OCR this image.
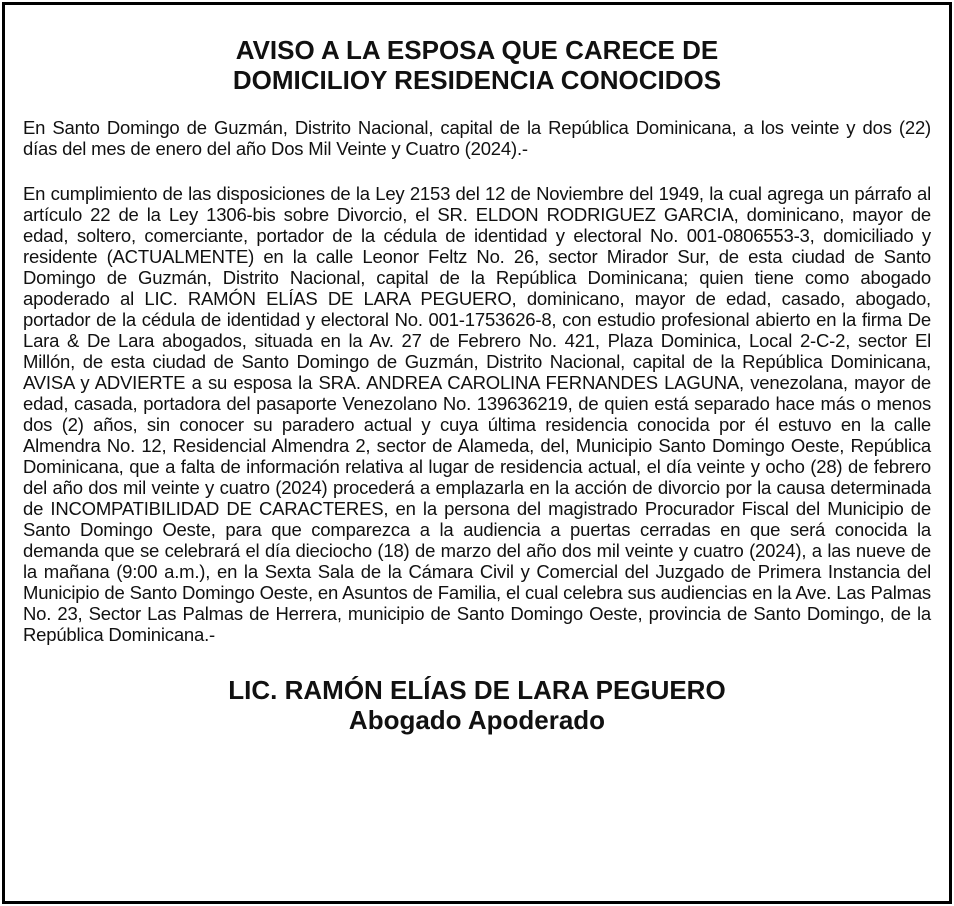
AVISO A LA ESPOSA QUE CARECE DE
DOMICILIOY RESIDENCIA CONOCIDOS

En Santo Domingo de Guzmán, Distrito Nacional, capital de la República Dominicana, a los veinte y dos (22) días del mes de enero del año Dos Mil Veinte y Cuatro (2024).-

En cumplimiento de las disposiciones de la Ley 2153 del 12 de Noviembre del 1949, la cual agrega un párrafo al artículo 22 de la Ley 1306-bis sobre Divorcio, el SR. ELDON RODRIGUEZ GARCIA, dominicano, mayor de edad, soltero, comerciante, portador de la cédula de identidad y electoral No. 001-0806553-3, domiciliado y residente (ACTUALMENTE) en la calle Leonor Feltz No. 26, sector Mirador Sur, de esta ciudad de Santo Domingo de Guzmán, Distrito Nacional, capital de la República Dominicana; quien tiene como abogado apoderado al LIC. RAMÓN ELÍAS DE LARA PEGUERO, dominicano, mayor de edad, casado, abogado, portador de la cédula de identidad y electoral No. 001-1753626-8, con estudio profesional abierto en la firma De Lara & De Lara abogados, situada en la Av. 27 de Febrero No. 421, Plaza Dominica, Local 2-C-2, sector El Millón, de esta ciudad de Santo Domingo de Guzmán, Distrito Nacional, capital de la República Dominicana, AVISA y ADVIERTE a su esposa la SRA. ANDREA CAROLINA FERNANDES LAGUNA, venezolana, mayor de edad, casada, portadora del pasaporte Venezolano No. 139636219, de quien está separado hace más o menos dos (2) años, sin conocer su paradero actual y cuya última residencia conocida por él estuvo en la calle Almendra No. 12, Residencial Almendra 2, sector de Alameda, del, Municipio Santo Domingo Oeste, República Dominicana, que a falta de información relativa al lugar de residencia actual, el día veinte y ocho (28) de febrero del año dos mil veinte y cuatro (2024) procederá a emplazarla en la acción de divorcio por la causa determinada de INCOMPATIBILIDAD DE CARACTERES, en la persona del magistrado Procurador Fiscal del Municipio de Santo Domingo Oeste, para que comparezca a la audiencia a puertas cerradas en que será conocida la demanda que se celebrará el día dieciocho (18) de marzo del año dos mil veinte y cuatro (2024), a las nueve de la mañana (9:00 a.m.), en la Sexta Sala de la Cámara Civil y Comercial del Juzgado de Primera Instancia del Municipio de Santo Domingo Oeste, en Asuntos de Familia, el cual celebra sus audiencias en la Ave. Las Palmas No. 23, Sector Las Palmas de Herrera, municipio de Santo Domingo Oeste, provincia de Santo Domingo, de la República Dominicana.-

LIC. RAMÓN ELÍAS DE LARA PEGUERO
Abogado Apoderado
